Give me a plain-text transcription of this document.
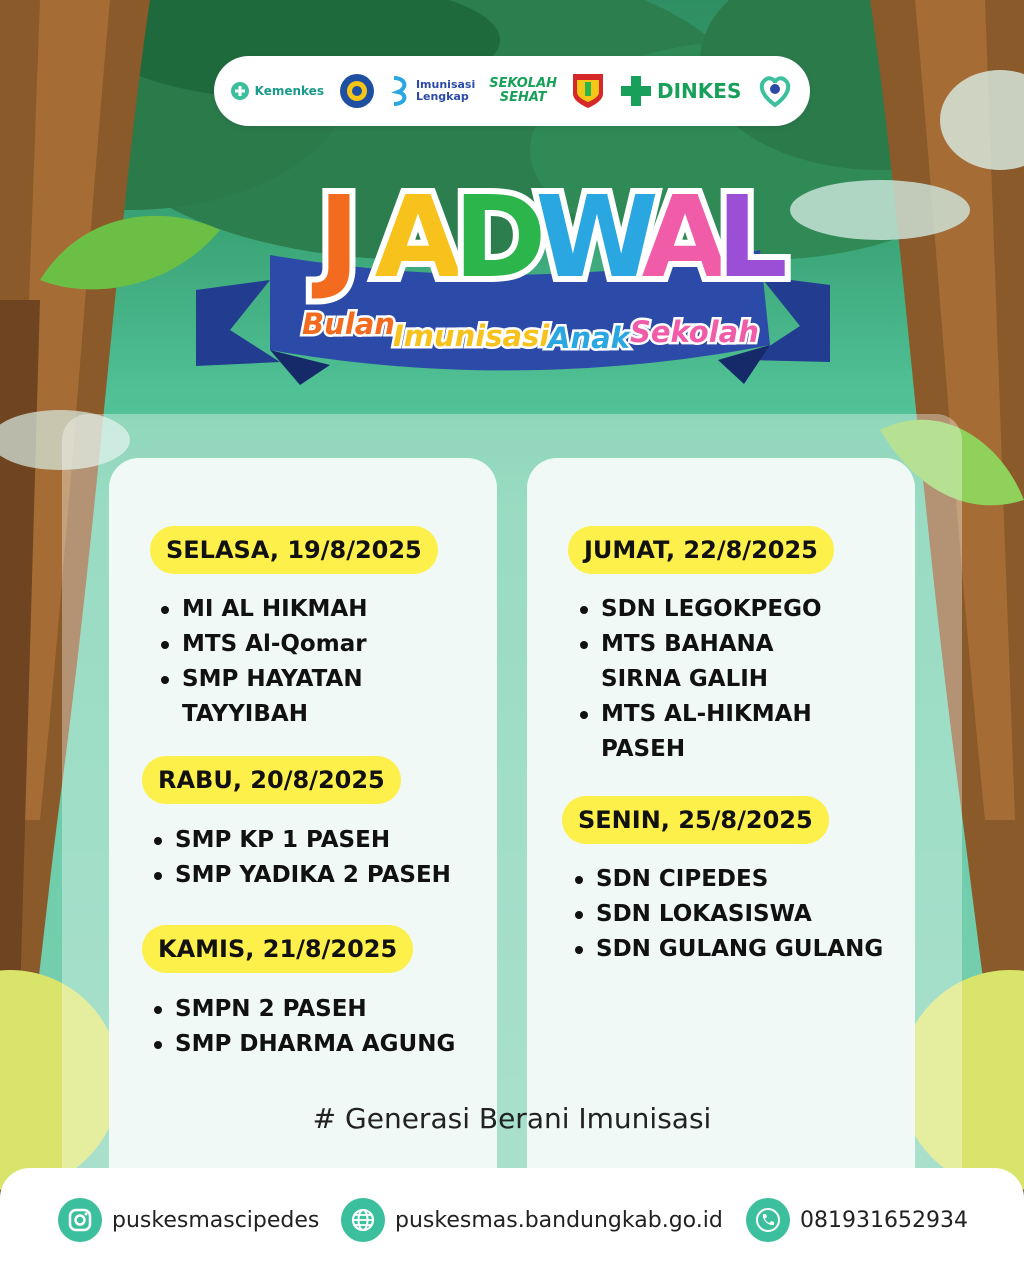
Kemenkes	Imunisasi
Lengkap
SEKOLAH
SEHAT	DINKES
J A
D
W
A
L
Bulan
Imunisasi
Anak Sekolah
SELASA, 19/8/2025
MI AL HIKMAH
MTS Al-Qomar
SMP HAYATAN TAYYIBAH
RABU, 20/8/2025
SMP KP 1 PASEH
SMP YADIKA 2 PASEH
KAMIS, 21/8/2025
SMPN 2 PASEH
SMP DHARMA AGUNG
JUMAT, 22/8/2025
SDN LEGOKPEGO
MTS BAHANA SIRNA GALIH
MTS AL-HIKMAH PASEH
SENIN, 25/8/2025
SDN CIPEDES
SDN LOKASISWA
SDN GULANG GULANG
# Generasi Berani Imunisasi
puskesmascipedes	puskesmas.bandungkab.go.id	081931652934
